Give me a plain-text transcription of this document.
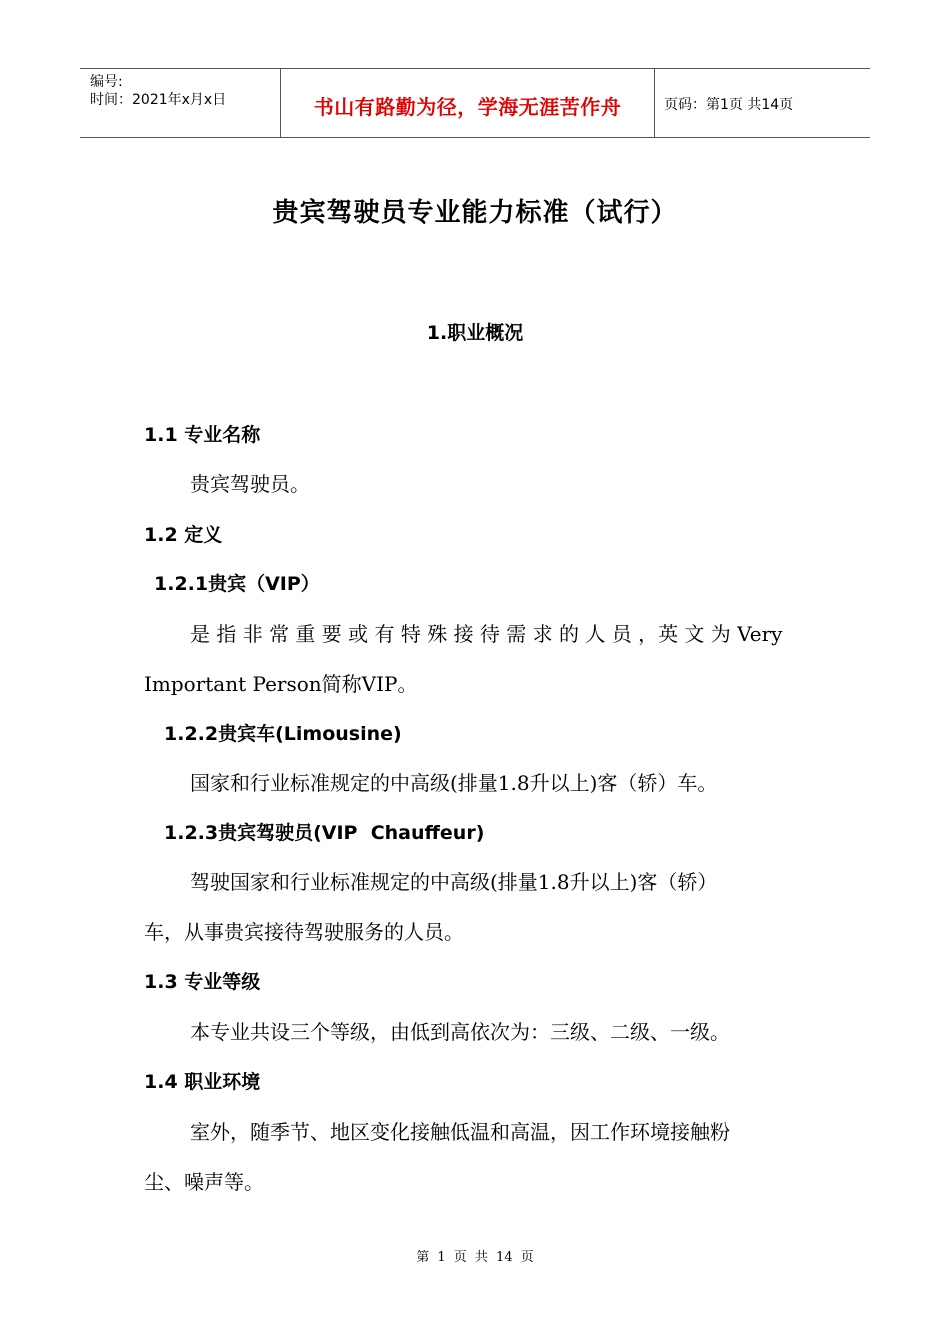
编号:
时间：2021年x月x日	书山有路勤为径，学海无涯苦作舟	页码：第1页 共14页
贵宾驾驶员专业能力标准（试行）
1.职业概况
1.1 专业名称
贵宾驾驶员。
1.2 定义
1.2.1贵宾（VIP）
是 指 非 常 重 要 或 有 特 殊 接 待 需 求 的 人 员 ，英 文 为 Very
Important Person简称VIP。
1.2.2贵宾车(Limousine)
国家和行业标准规定的中高级(排量1.8升以上)客（轿）车。
1.2.3贵宾驾驶员(VIP  Chauffeur)
驾驶国家和行业标准规定的中高级(排量1.8升以上)客（轿）
车，从事贵宾接待驾驶服务的人员。
1.3 专业等级
本专业共设三个等级，由低到高依次为：三级、二级、一级。
1.4 职业环境
室外，随季节、地区变化接触低温和高温，因工作环境接触粉
尘、噪声等。
第 1 页 共 14 页
